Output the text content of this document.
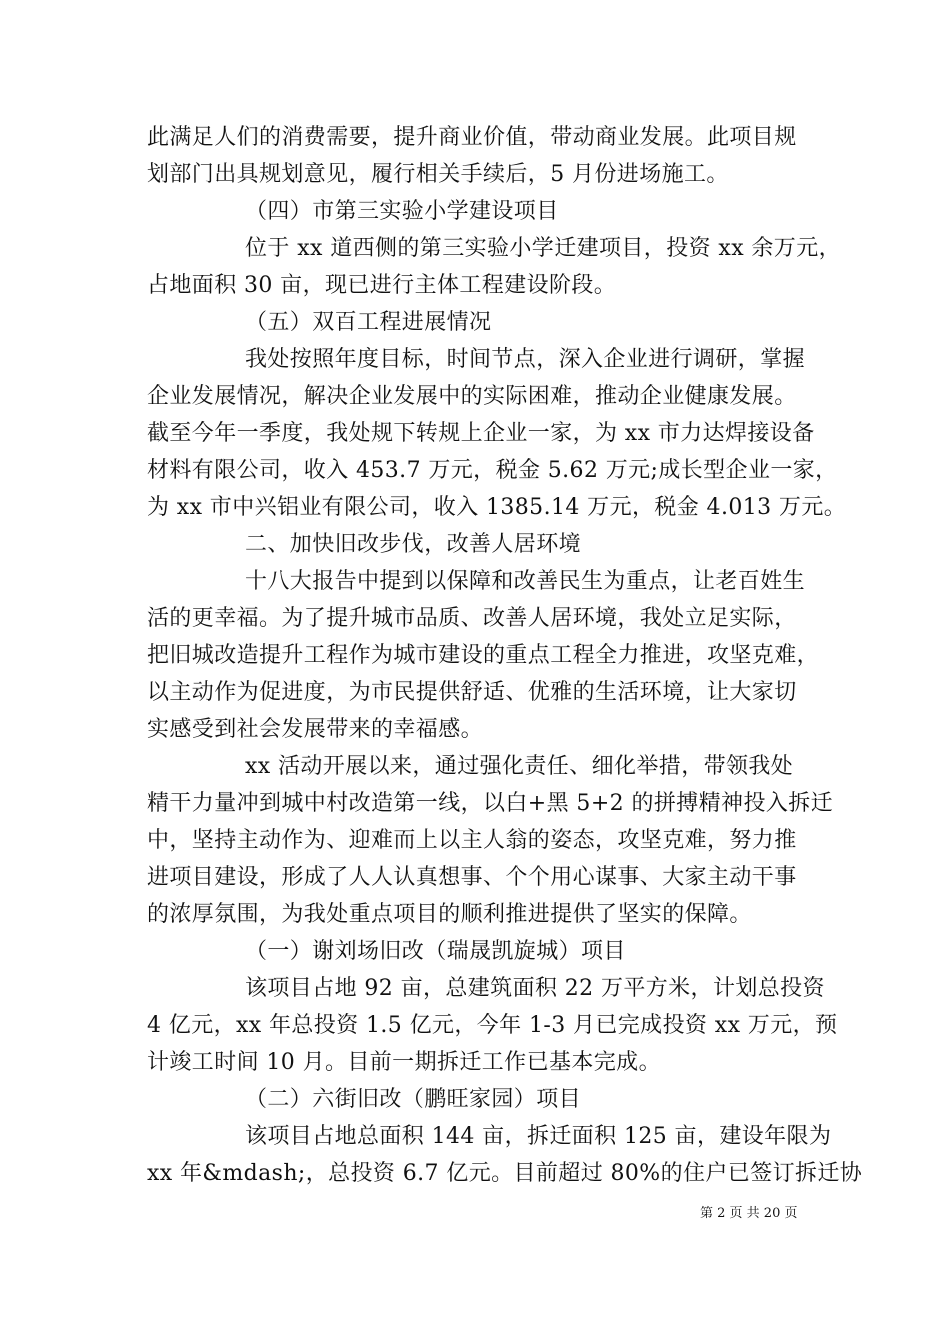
此满足人们的消费需要，提升商业价值，带动商业发展。此项目规
划部门出具规划意见，履行相关手续后，5 月份进场施工。
（四）市第三实验小学建设项目
位于 xx 道西侧的第三实验小学迁建项目，投资 xx 余万元，
占地面积 30 亩，现已进行主体工程建设阶段。
（五）双百工程进展情况
我处按照年度目标，时间节点，深入企业进行调研，掌握
企业发展情况，解决企业发展中的实际困难，推动企业健康发展。
截至今年一季度，我处规下转规上企业一家，为 xx 市力达焊接设备
材料有限公司，收入 453.7 万元，税金 5.62 万元;成长型企业一家，
为 xx 市中兴铝业有限公司，收入 1385.14 万元，税金 4.013 万元。
二、加快旧改步伐，改善人居环境
十八大报告中提到以保障和改善民生为重点，让老百姓生
活的更幸福。为了提升城市品质、改善人居环境，我处立足实际，
把旧城改造提升工程作为城市建设的重点工程全力推进，攻坚克难，
以主动作为促进度，为市民提供舒适、优雅的生活环境，让大家切
实感受到社会发展带来的幸福感。
xx 活动开展以来，通过强化责任、细化举措，带领我处
精干力量冲到城中村改造第一线，以白+黑 5+2 的拼搏精神投入拆迁
中，坚持主动作为、迎难而上以主人翁的姿态，攻坚克难，努力推
进项目建设，形成了人人认真想事、个个用心谋事、大家主动干事
的浓厚氛围，为我处重点项目的顺利推进提供了坚实的保障。
（一）谢刘场旧改（瑞晟凯旋城）项目
该项目占地 92 亩，总建筑面积 22 万平方米，计划总投资
4 亿元，xx 年总投资 1.5 亿元，今年 1-3 月已完成投资 xx 万元，预
计竣工时间 10 月。目前一期拆迁工作已基本完成。
（二）六街旧改（鹏旺家园）项目
该项目占地总面积 144 亩，拆迁面积 125 亩，建设年限为
xx 年&mdash;，总投资 6.7 亿元。目前超过 80%的住户已签订拆迁协
第 2 页 共 20 页
